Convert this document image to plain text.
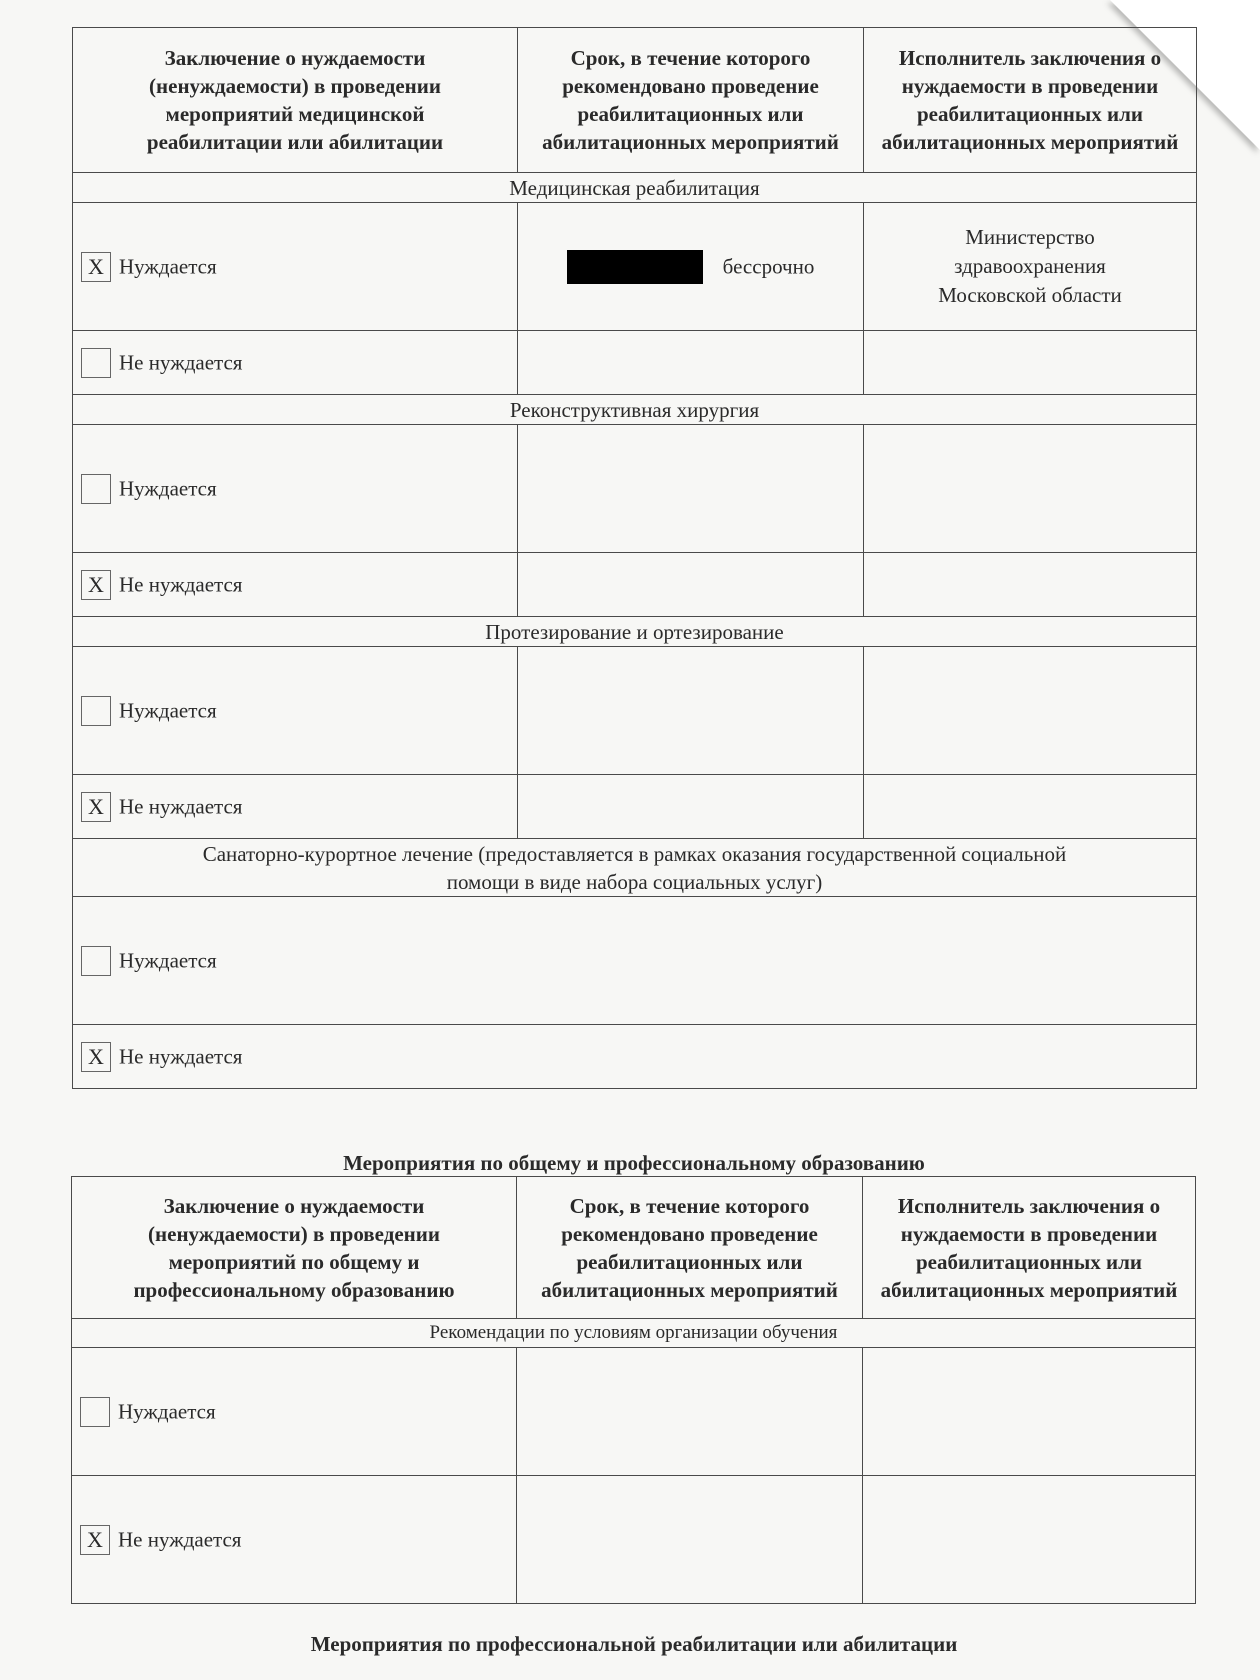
Заключение о нуждаемости (ненуждаемости) в проведении мероприятий медицинской реабилитации или абилитации	Срок, в течение которого рекомендовано проведение реабилитационных или абилитационных мероприятий	Исполнитель заключения о нуждаемости в проведении реабилитационных или абилитационных мероприятий
Медицинская реабилитация		
X Нуждается	бессрочно	Министерство здравоохранения Московской области
Не нуждается		
Реконструктивная хирургия		
Нуждается		
X Не нуждается		
Протезирование и ортезирование		
Нуждается		
X Не нуждается		
Санаторно-курортное лечение (предоставляется в рамках оказания государственной социальной помощи в виде набора социальных услуг)		
Нуждается		
X Не нуждается		
Мероприятия по общему и профессиональному образованию
Заключение о нуждаемости (ненуждаемости) в проведении мероприятий по общему и профессиональному образованию	Срок, в течение которого рекомендовано проведение реабилитационных или абилитационных мероприятий	Исполнитель заключения о нуждаемости в проведении реабилитационных или абилитационных мероприятий
Рекомендации по условиям организации обучения		
Нуждается		
X Не нуждается		
Мероприятия по профессиональной реабилитации или абилитации
